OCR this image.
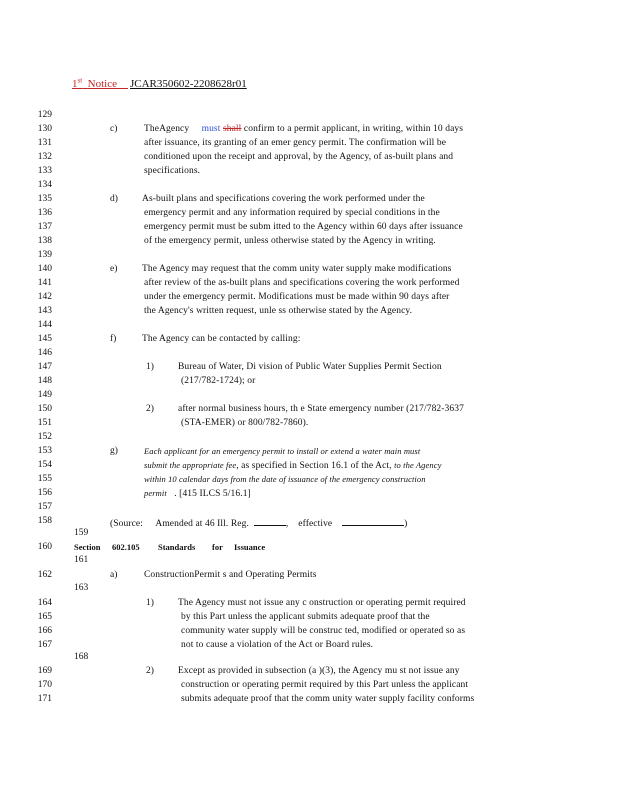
1st Notice JCAR350602-2208628r01
129
130
131
132
133
134
135
136
137
138
139
140
141
142
143
144
145
146
147
148
149
150
151
152
153
154
155
156
157
158
159
160
161
162
163
164
165
166
167
168
169
170
171
c)	TheAgency must shall confirm to a permit applicant, in writing, within 10 days
after issuance, its granting of an emer gency permit. The confirmation will be
conditioned upon the receipt and approval, by the Agency, of as-built plans and
specifications.
d)	As-built plans and specifications covering the work performed under the
emergency permit and any information required by special conditions in the
emergency permit must be subm itted to the Agency within 60 days after issuance
of the emergency permit, unless otherwise stated by the Agency in writing.
e)	The Agency may request that the comm unity water supply make modifications
after review of the as-built plans and specifications covering the work performed
under the emergency permit. Modifications must be made within 90 days after
the Agency's written request, unle ss otherwise stated by the Agency.
f)	The Agency can be contacted by calling:
1)	Bureau of Water, Di vision of Public Water Supplies Permit Section
(217/782-1724); or
2)	after normal business hours, th e State emergency number (217/782-3637
(STA-EMER) or 800/782-7860).
g)	Each applicant for an emergency permit to install or extend a water main must
submit the appropriate fee, as specified in Section 16.1 of the Act, to the Agency
within 10 calendar days from the date of issuance of the emergency construction
permit . [415 ILCS 5/16.1]
(Source: Amended at 46 Ill. Reg.	, effective	)
Section 602.105 Standards for Issuance
a)	ConstructionPermit s and Operating Permits
1)	The Agency must not issue any c onstruction or operating permit required
by this Part unless the applicant submits adequate proof that the
community water supply will be construc ted, modified or operated so as
not to cause a violation of the Act or Board rules.
2)	Except as provided in subsection (a )(3), the Agency mu st not issue any
construction or operating permit required by this Part unless the applicant
submits adequate proof that the comm unity water supply facility conforms
